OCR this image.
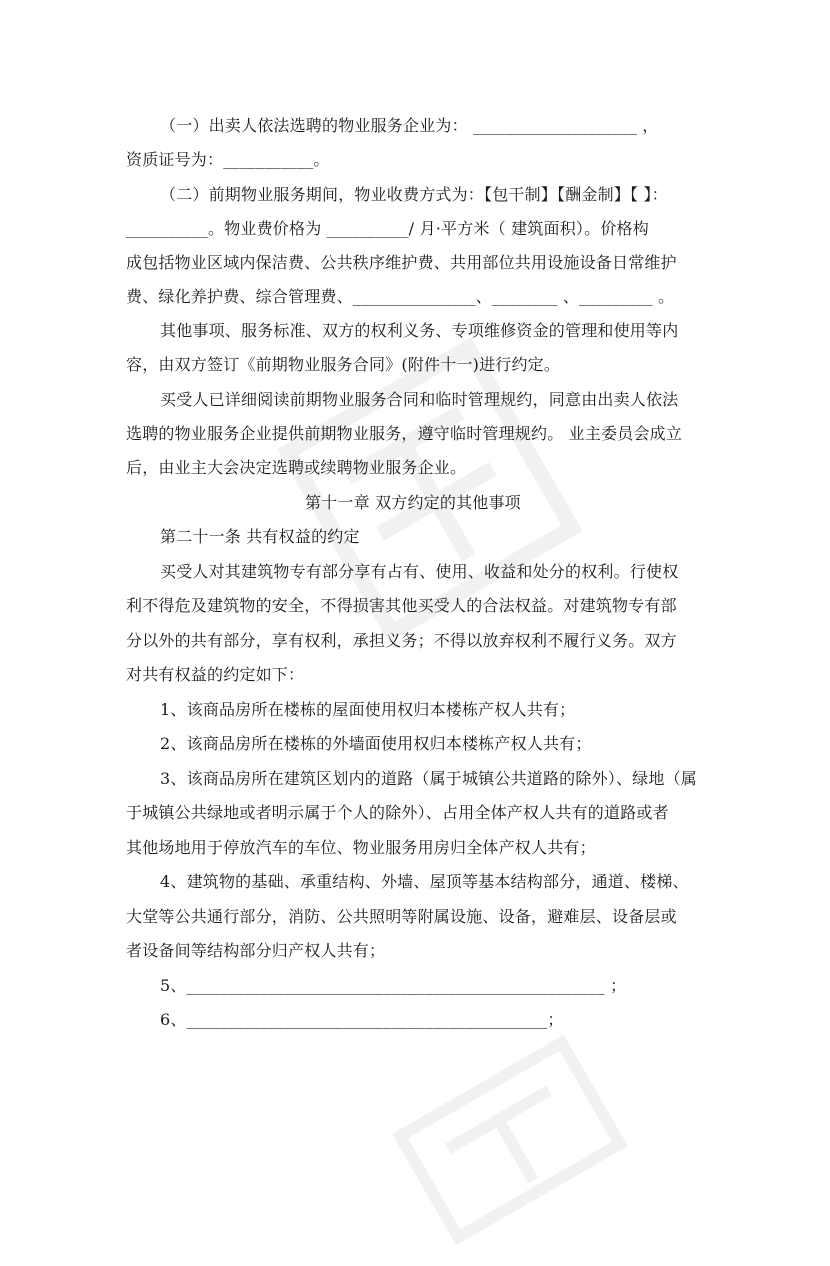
（一）出卖人依法选聘的物业服务企业为： ____________________ ，
资质证号为：___________。
（二）前期物业服务期间，物业收费方式为：【包干制】【酬金制】【 】：
__________。物业费价格为 __________/ 月·平方米（ 建筑面积）。价格构
成包括物业区域内保洁费、公共秩序维护费、共用部位共用设施设备日常维护
费、绿化养护费、综合管理费、_______________、________ 、_________ 。
其他事项、服务标准、双方的权利义务、专项维修资金的管理和使用等内
容，由双方签订《前期物业服务合同》(附件十一)进行约定。
买受人已详细阅读前期物业服务合同和临时管理规约，同意由出卖人依法
选聘的物业服务企业提供前期物业服务，遵守临时管理规约。 业主委员会成立
后，由业主大会决定选聘或续聘物业服务企业。
第十一章 双方约定的其他事项
第二十一条 共有权益的约定
买受人对其建筑物专有部分享有占有、使用、收益和处分的权利。行使权
利不得危及建筑物的安全，不得损害其他买受人的合法权益。对建筑物专有部
分以外的共有部分，享有权利，承担义务；不得以放弃权利不履行义务。双方
对共有权益的约定如下：
1、该商品房所在楼栋的屋面使用权归本楼栋产权人共有；
2、该商品房所在楼栋的外墙面使用权归本楼栋产权人共有；
3、该商品房所在建筑区划内的道路（属于城镇公共道路的除外）、绿地（属
于城镇公共绿地或者明示属于个人的除外）、占用全体产权人共有的道路或者
其他场地用于停放汽车的车位、物业服务用房归全体产权人共有；
4、建筑物的基础、承重结构、外墙、屋顶等基本结构部分，通道、楼梯、
大堂等公共通行部分，消防、公共照明等附属设施、设备，避难层、设备层或
者设备间等结构部分归产权人共有；
5、___________________________________________________ ；
6、____________________________________________；
